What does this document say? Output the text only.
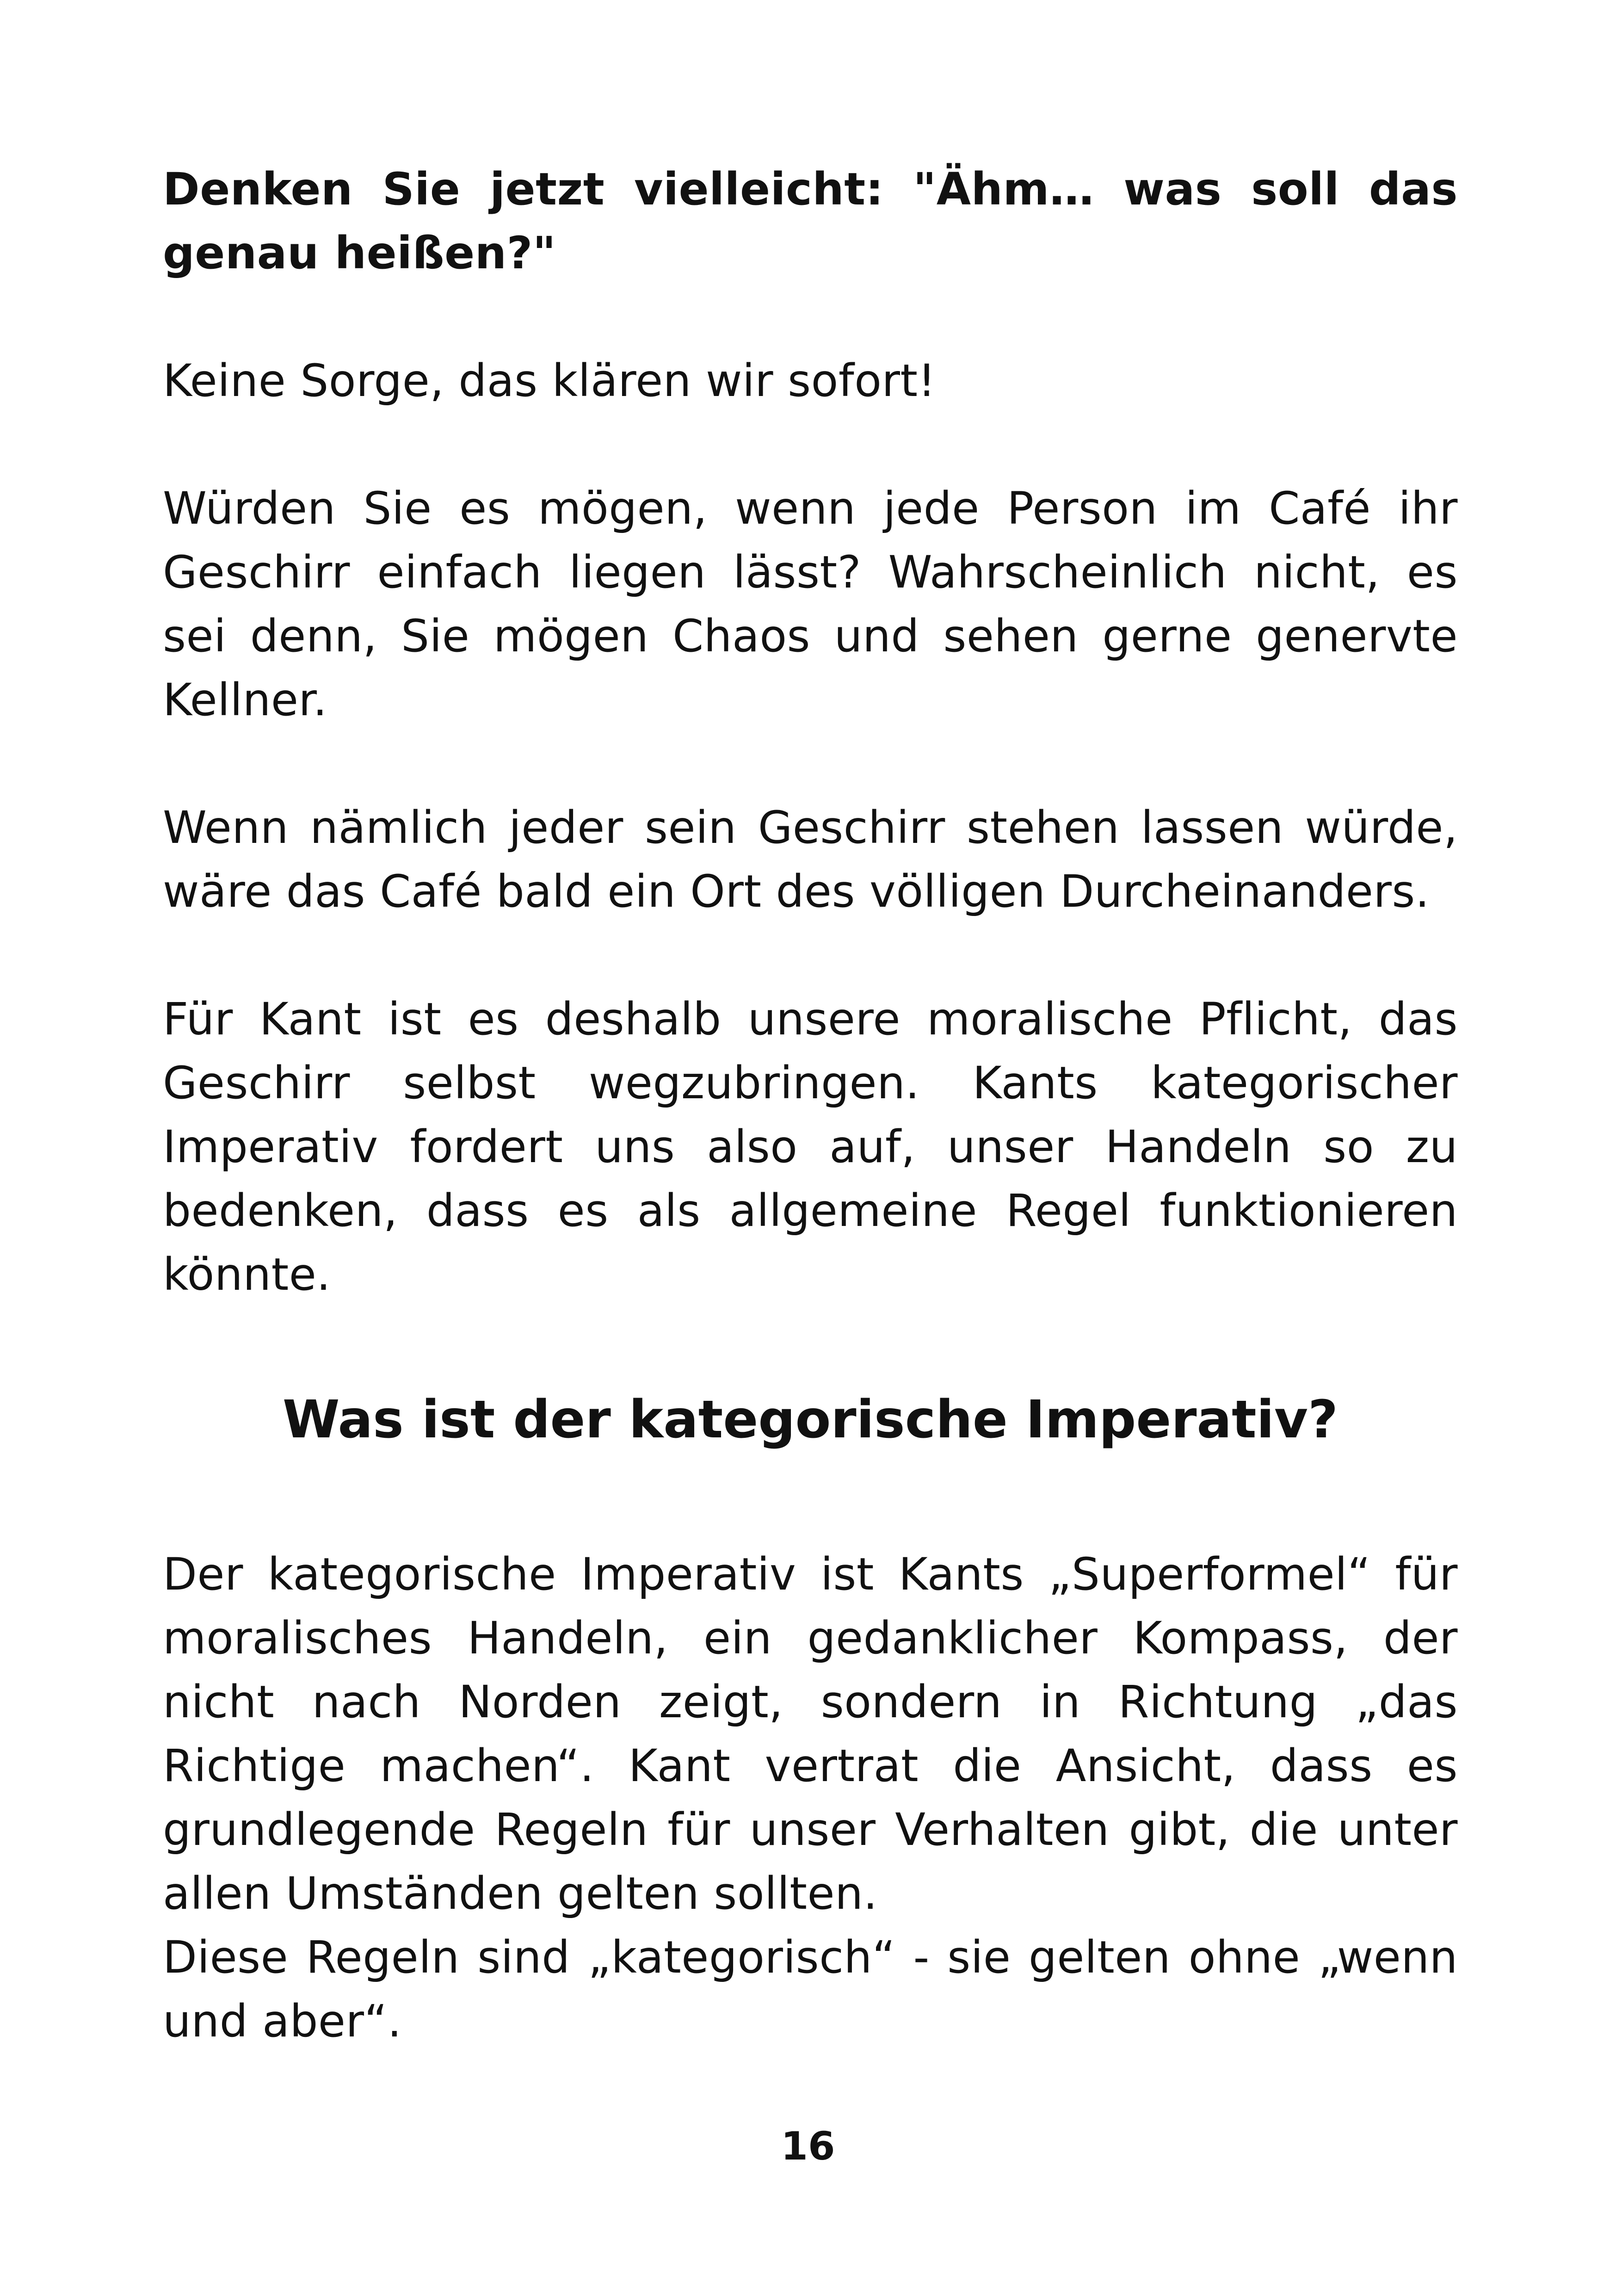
Denken Sie jetzt vielleicht: "Ähm… was soll das genau heißen?"

Keine Sorge, das klären wir sofort!

Würden Sie es mögen, wenn jede Person im Café ihr Geschirr einfach liegen lässt? Wahrscheinlich nicht, es sei denn, Sie mögen Chaos und sehen gerne genervte Kellner.

Wenn nämlich jeder sein Geschirr stehen lassen würde, wäre das Café bald ein Ort des völligen Durcheinanders.

Für Kant ist es deshalb unsere moralische Pflicht, das Geschirr selbst wegzubringen. Kants kategorischer Imperativ fordert uns also auf, unser Handeln so zu bedenken, dass es als allgemeine Regel funktionieren könnte.

Was ist der kategorische Imperativ?

Der kategorische Imperativ ist Kants „Superformel“ für moralisches Handeln, ein gedanklicher Kompass, der nicht nach Norden zeigt, sondern in Richtung „das Richtige machen“. Kant vertrat die Ansicht, dass es grundlegende Regeln für unser Verhalten gibt, die unter allen Umständen gelten sollten.

Diese Regeln sind „kategorisch“ - sie gelten ohne „wenn und aber“.

16
